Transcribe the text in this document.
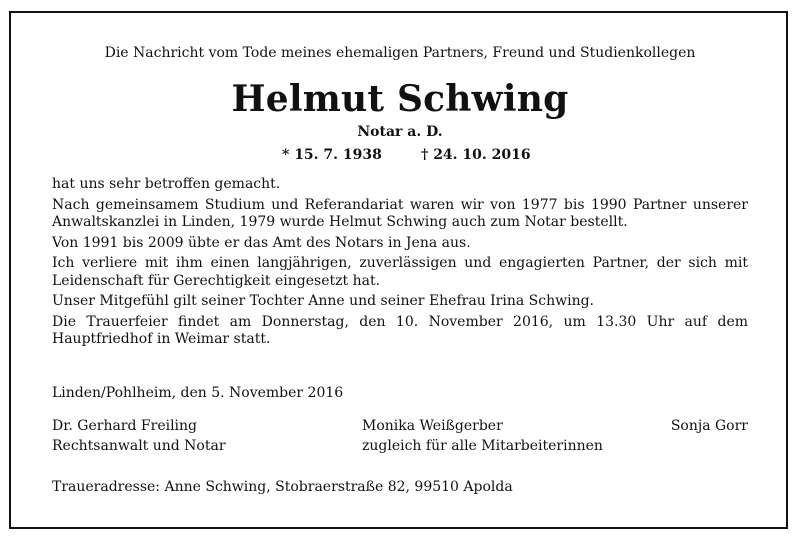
Die Nachricht vom Tode meines ehemaligen Partners, Freund und Studienkollegen
Helmut Schwing
Notar a. D.
* 15. 7. 1938	† 24. 10. 2016

hat uns sehr betroffen gemacht.

Nach gemeinsamem Studium und Referandariat waren wir von 1977 bis 1990 Partner unserer Anwaltskanzlei in Linden, 1979 wurde Helmut Schwing auch zum Notar bestellt.

Von 1991 bis 2009 übte er das Amt des Notars in Jena aus.

Ich verliere mit ihm einen langjährigen, zuverlässigen und engagierten Partner, der sich mit Leidenschaft für Gerechtigkeit eingesetzt hat.

Unser Mitgefühl gilt seiner Tochter Anne und seiner Ehefrau Irina Schwing.

Die Trauerfeier findet am Donnerstag, den 10. November 2016, um 13.30 Uhr auf dem Hauptfriedhof in Weimar statt.

Linden/Pohlheim, den 5. November 2016
Dr. Gerhard Freiling
Rechtsanwalt und Notar
Monika Weißgerber
zugleich für alle Mitarbeiterinnen
Sonja Gorr
Traueradresse: Anne Schwing, Stobraerstraße 82, 99510 Apolda
